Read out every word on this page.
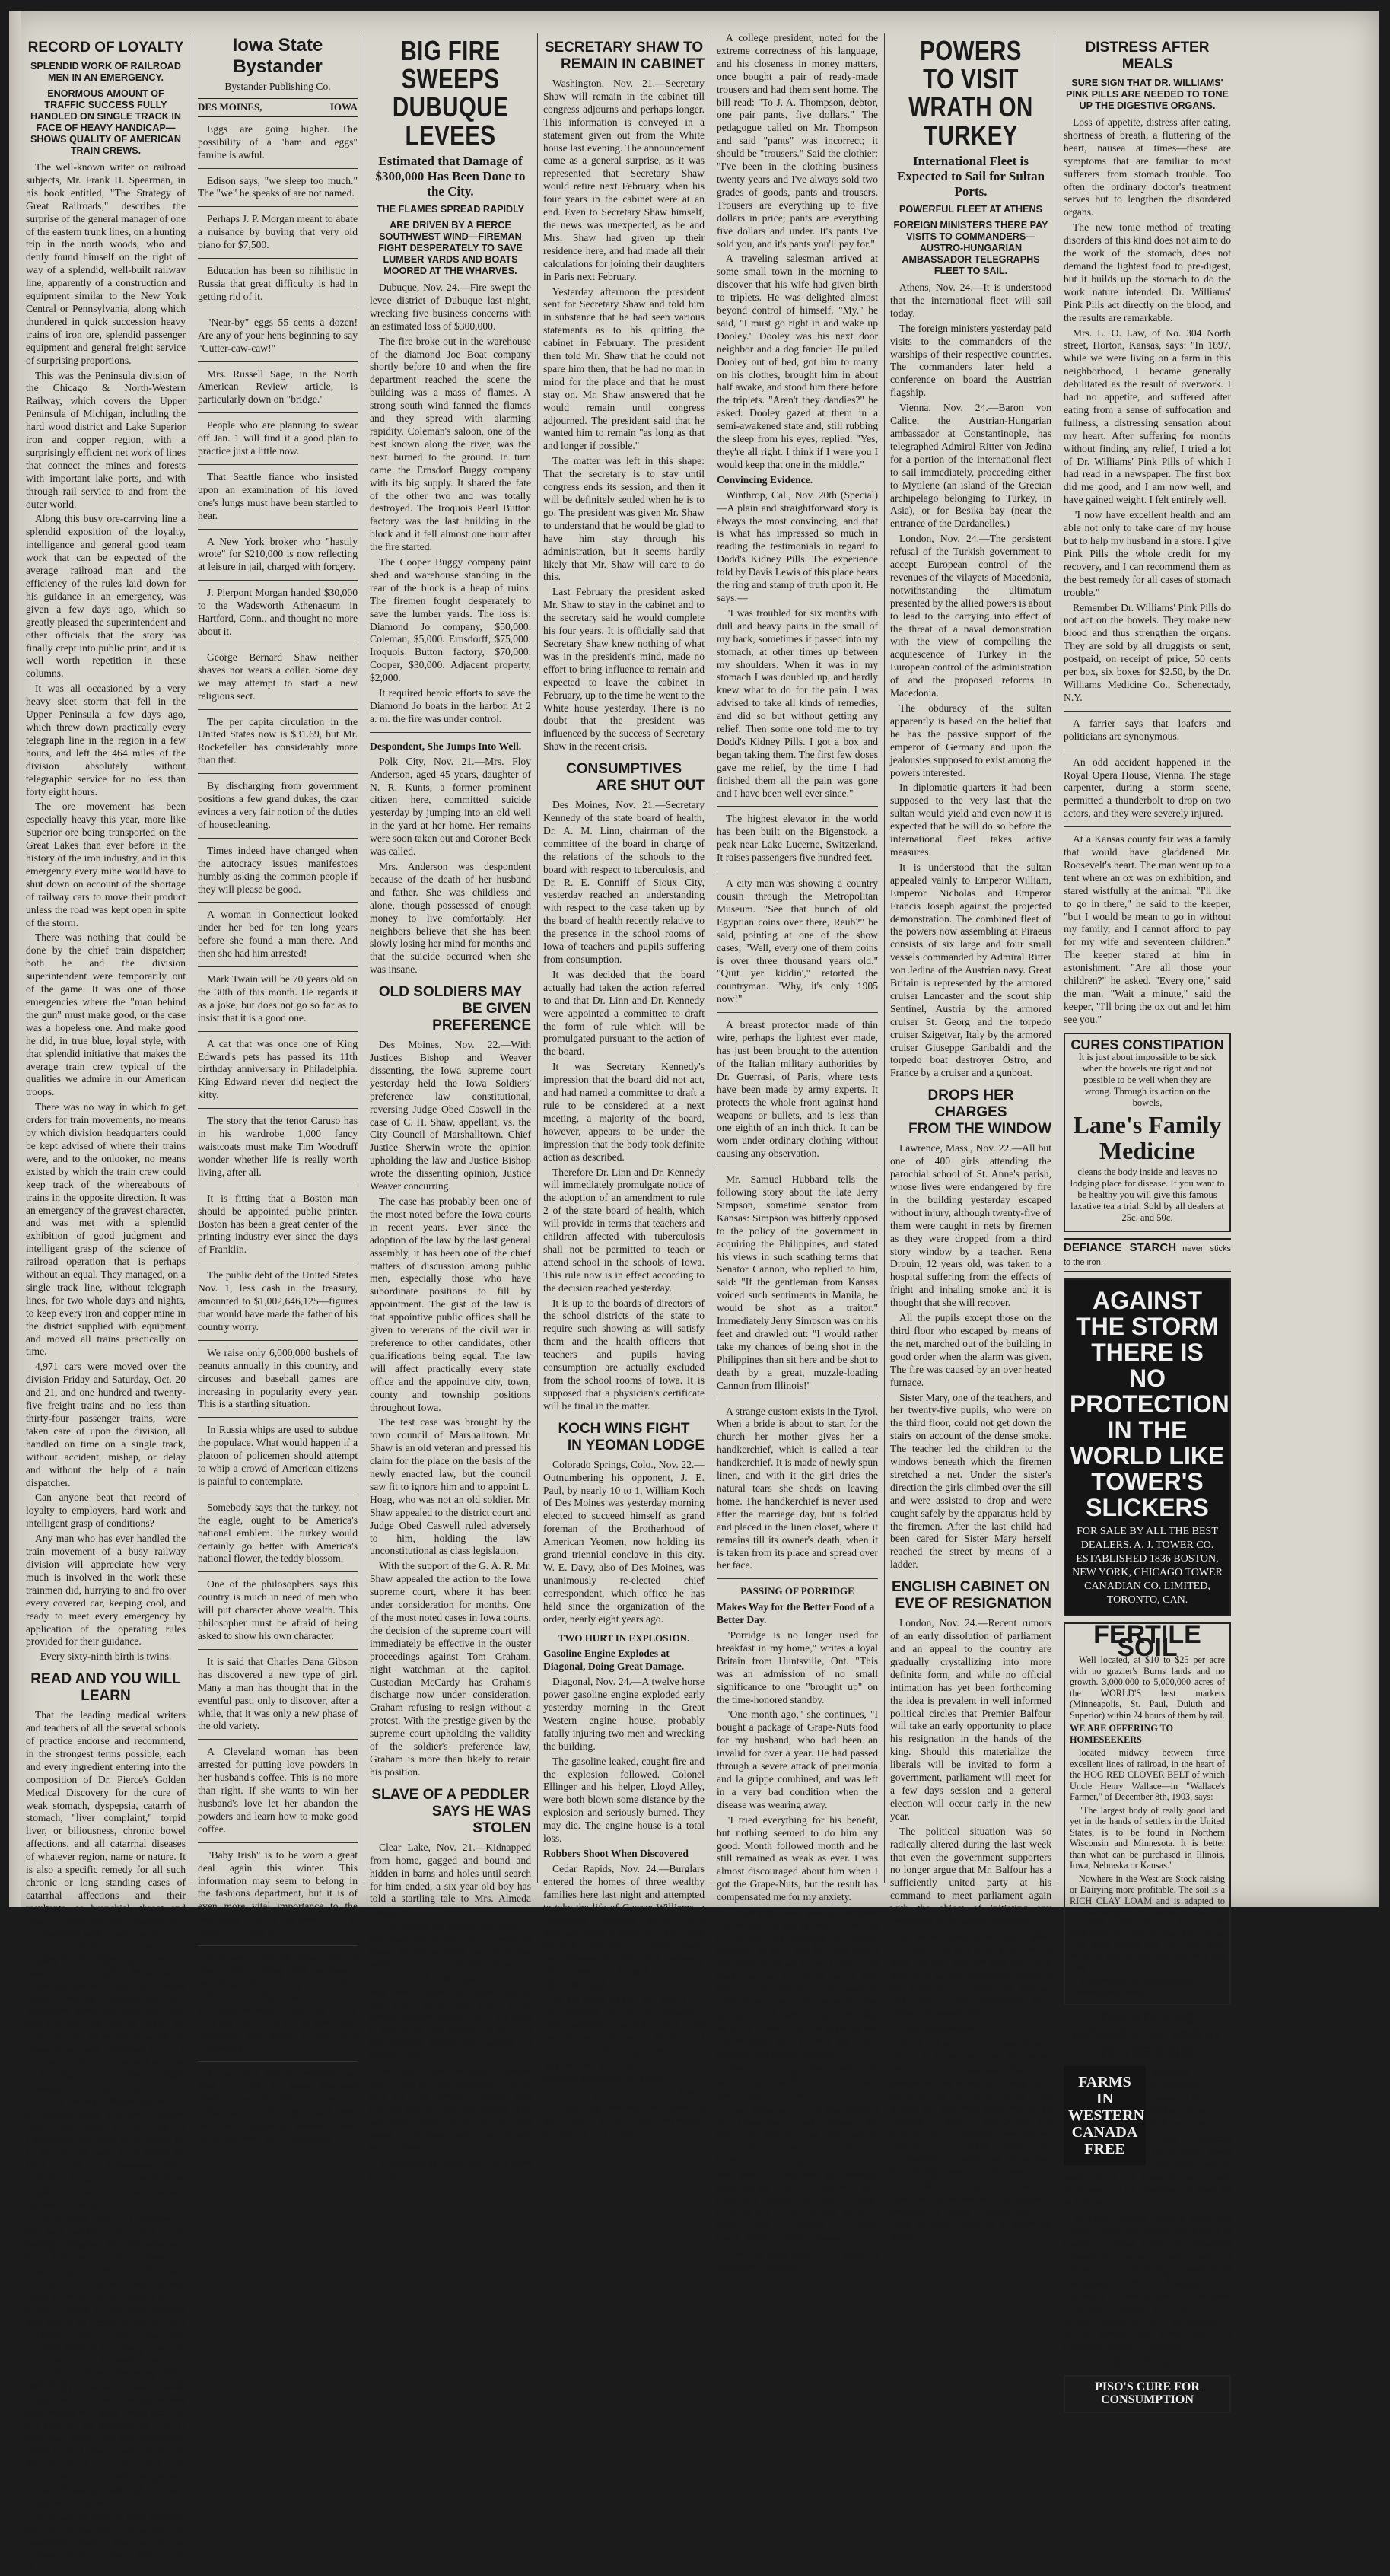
RECORD OF LOYALTY
SPLENDID WORK OF RAILROAD MEN IN AN EMERGENCY.
ENORMOUS AMOUNT OF TRAFFIC SUCCESS FULLY HANDLED ON SINGLE TRACK IN FACE OF HEAVY HANDICAP—SHOWS QUALITY OF AMERICAN TRAIN CREWS.

The well-known writer on railroad subjects, Mr. Frank H. Spearman, in his book entitled, "The Strategy of Great Railroads," describes the surprise of the general manager of one of the eastern trunk lines, on a hunting trip in the north woods, who and denly found himself on the right of way of a splendid, well-built railway line, apparently of a construction and equipment similar to the New York Central or Pennsylvania, along which thundered in quick succession heavy trains of iron ore, splendid passenger equipment and general freight service of surprising proportions.

This was the Peninsula division of the Chicago & North-Western Railway, which covers the Upper Peninsula of Michigan, including the hard wood district and Lake Superior iron and copper region, with a surprisingly efficient net work of lines that connect the mines and forests with important lake ports, and with through rail service to and from the outer world.

Along this busy ore-carrying line a splendid exposition of the loyalty, intelligence and general good team work that can be expected of the average railroad man and the efficiency of the rules laid down for his guidance in an emergency, was given a few days ago, which so greatly pleased the superintendent and other officials that the story has finally crept into public print, and it is well worth repetition in these columns.

It was all occasioned by a very heavy sleet storm that fell in the Upper Peninsula a few days ago, which threw down practically every telegraph line in the region in a few hours, and left the 464 miles of the division absolutely without telegraphic service for no less than forty eight hours.

The ore movement has been especially heavy this year, more like Superior ore being transported on the Great Lakes than ever before in the history of the iron industry, and in this emergency every mine would have to shut down on account of the shortage of railway cars to move their product unless the road was kept open in spite of the storm.

There was nothing that could be done by the chief train dispatcher; both he and the division superintendent were temporarily out of the game. It was one of those emergencies where the "man behind the gun" must make good, or the case was a hopeless one. And make good he did, in true blue, loyal style, with that splendid initiative that makes the average train crew typical of the qualities we admire in our American troops.

There was no way in which to get orders for train movements, no means by which division headquarters could be kept advised of where their trains were, and to the onlooker, no means existed by which the train crew could keep track of the whereabouts of trains in the opposite direction. It was an emergency of the gravest character, and was met with a splendid exhibition of good judgment and intelligent grasp of the science of railroad operation that is perhaps without an equal. They managed, on a single track line, without telegraph lines, for two whole days and nights, to keep every iron and copper mine in the district supplied with equipment and moved all trains practically on time.

4,971 cars were moved over the division Friday and Saturday, Oct. 20 and 21, and one hundred and twenty-five freight trains and no less than thirty-four passenger trains, were taken care of upon the division, all handled on time on a single track, without accident, mishap, or delay and without the help of a train dispatcher.

Can anyone beat that record of loyalty to employers, hard work and intelligent grasp of conditions?

Any man who has ever handled the train movement of a busy railway division will appreciate how very much is involved in the work these trainmen did, hurrying to and fro over every covered car, keeping cool, and ready to meet every emergency by application of the operating rules provided for their guidance.

Every sixty-ninth birth is twins.

READ AND YOU WILL LEARN

That the leading medical writers and teachers of all the several schools of practice endorse and recommend, in the strongest terms possible, each and every ingredient entering into the composition of Dr. Pierce's Golden Medical Discovery for the cure of weak stomach, dyspepsia, catarrh of stomach, "liver complaint," torpid liver, or biliousness, chronic bowel affections, and all catarrhal diseases of whatever region, name or nature. It is also a specific remedy for all such chronic or long standing cases of catarrhal affections and their resultants, as bronchial, throat and lung diseases (except consumption) accompanied with severe coughs. It is not so good for acute colds and coughs, but for lingering, or chronic cases it is especially efficacious in producing perfect cures. It contains Black Cherrybark, Golden Seal root, Bloodroot, Stone root, Mandrake root and Queen's root—all of which are highly praised as remedies for all the above mentioned affections by such eminent medical writers and teachers as Prof. Bartholow, of Jefferson Med. College; Prof. Hare, of the Univ. of Pa.; Prof. Finley Ellingwood, M. D., of Bennett Med. College, Chicago; Prof. John King, M. D., late of Cincinnati; Prof. John M. Scudder, M. D., late of Cincinnati; Prof. Edwin M. Hale, M. D., of Hahnemann Med. College, Chicago, and scores of others equally eminent in their several schools of practice.

The "Golden Medical Discovery" is the only medicine put up for sale through druggists for like purposes, that has any such professional endorsement—worth more than any number of ordinary testimonials. Open publicity of its formula on the bottle wrapper is the best possible guaranty of its merits. A glance at this published formula will show that "Golden Medical Discovery" contains no poisonous or harmful agents and no alcohol—chemically pure, triple-refined glycerine being used instead. Glycerine is entirely unobjectionable and besides is a most useful agent in the cure of all stomach as well as bronchial, throat and lung affections. There is the highest medical authority for its use in all such cases. The "Discovery" is a concentrated glyceric extract of native, medicinal roots and is safe and reliable.

A booklet of extracts from eminent, medical authorities, endorsing its ingredients mailed free on request. Address Dr. R. V. Pierce, Buffalo, N. Y.

Iowa State Bystander
Bystander Publishing Co.
DES MOINES,	IOWA

Eggs are going higher. The possibility of a "ham and eggs" famine is awful.

Edison says, "we sleep too much." The "we" he speaks of are not named.

Perhaps J. P. Morgan meant to abate a nuisance by buying that very old piano for $7,500.

Education has been so nihilistic in Russia that great difficulty is had in getting rid of it.

"Near-by" eggs 55 cents a dozen! Are any of your hens beginning to say "Cutter-caw-caw!"

Mrs. Russell Sage, in the North American Review article, is particularly down on "bridge."

People who are planning to swear off Jan. 1 will find it a good plan to practice just a little now.

That Seattle fiance who insisted upon an examination of his loved one's lungs must have been startled to hear.

A New York broker who "hastily wrote" for $210,000 is now reflecting at leisure in jail, charged with forgery.

J. Pierpont Morgan handed $30,000 to the Wadsworth Athenaeum in Hartford, Conn., and thought no more about it.

George Bernard Shaw neither shaves nor wears a collar. Some day we may attempt to start a new religious sect.

The per capita circulation in the United States now is $31.69, but Mr. Rockefeller has considerably more than that.

By discharging from government positions a few grand dukes, the czar evinces a very fair notion of the duties of housecleaning.

Times indeed have changed when the autocracy issues manifestoes humbly asking the common people if they will please be good.

A woman in Connecticut looked under her bed for ten long years before she found a man there. And then she had him arrested!

Mark Twain will be 70 years old on the 30th of this month. He regards it as a joke, but does not go so far as to insist that it is a good one.

A cat that was once one of King Edward's pets has passed its 11th birthday anniversary in Philadelphia. King Edward never did neglect the kitty.

The story that the tenor Caruso has in his wardrobe 1,000 fancy waistcoats must make Tim Woodruff wonder whether life is really worth living, after all.

It is fitting that a Boston man should be appointed public printer. Boston has been a great center of the printing industry ever since the days of Franklin.

The public debt of the United States Nov. 1, less cash in the treasury, amounted to $1,002,646,125—figures that would have made the father of his country worry.

We raise only 6,000,000 bushels of peanuts annually in this country, and circuses and baseball games are increasing in popularity every year. This is a startling situation.

In Russia whips are used to subdue the populace. What would happen if a platoon of policemen should attempt to whip a crowd of American citizens is painful to contemplate.

Somebody says that the turkey, not the eagle, ought to be America's national emblem. The turkey would certainly go better with America's national flower, the teddy blossom.

One of the philosophers says this country is much in need of men who will put character above wealth. This philosopher must be afraid of being asked to show his own character.

It is said that Charles Dana Gibson has discovered a new type of girl. Many a man has thought that in the eventful past, only to discover, after a while, that it was only a new phase of the old variety.

A Cleveland woman has been arrested for putting love powders in her husband's coffee. This is no more than right. If she wants to win her husband's love let her abandon the powders and learn how to make good coffee.

"Baby Irish" is to be worn a great deal again this winter. This information may seem to belong in the fashions department, but it is of even more vital importance to the purveyors than to the wearers. It is beautiful, costly stuff.

It is semi officially announced in Spain that nothing will be known regarding the marriage of King Alfonso until the king comes back from his journey to Vienna and Berlin. It is not likely that any of the lovely candidates will marry anybody else meanwhile.

Actors in a western company are now required to wear fireproof whiskers because their place are too inflammatory. When the smell drifts over the footlights the audience wants to fire the proof of the cigarettes.

BIG FIRE SWEEPS DUBUQUE LEVEES
Estimated that Damage of $300,000 Has Been Done to the City.
THE FLAMES SPREAD RAPIDLY
ARE DRIVEN BY A FIERCE SOUTHWEST WIND—FIREMAN FIGHT DESPERATELY TO SAVE LUMBER YARDS AND BOATS MOORED AT THE WHARVES.

Dubuque, Nov. 24.—Fire swept the levee district of Dubuque last night, wrecking five business concerns with an estimated loss of $300,000.

The fire broke out in the warehouse of the diamond Joe Boat company shortly before 10 and when the fire department reached the scene the building was a mass of flames. A strong south wind fanned the flames and they spread with alarming rapidity. Coleman's saloon, one of the best known along the river, was the next burned to the ground. In turn came the Ernsdorf Buggy company with its big supply. It shared the fate of the other two and was totally destroyed. The Iroquois Pearl Button factory was the last building in the block and it fell almost one hour after the fire started.

The Cooper Buggy company paint shed and warehouse standing in the rear of the block is a heap of ruins. The firemen fought desperately to save the lumber yards. The loss is: Diamond Jo company, $50,000. Coleman, $5,000. Ernsdorff, $75,000. Iroquois Button factory, $70,000. Cooper, $30,000. Adjacent property, $2,000.

It required heroic efforts to save the Diamond Jo boats in the harbor. At 2 a. m. the fire was under control.

Despondent, She Jumps Into Well.

Polk City, Nov. 21.—Mrs. Floy Anderson, aged 45 years, daughter of N. R. Kunts, a former prominent citizen here, committed suicide yesterday by jumping into an old well in the yard at her home. Her remains were soon taken out and Coroner Beck was called.

Mrs. Anderson was despondent because of the death of her husband and father. She was childless and alone, though possessed of enough money to live comfortably. Her neighbors believe that she has been slowly losing her mind for months and that the suicide occurred when she was insane.

OLD SOLDIERS MAY
BE GIVEN PREFERENCE

Des Moines, Nov. 22.—With Justices Bishop and Weaver dissenting, the Iowa supreme court yesterday held the Iowa Soldiers' preference law constitutional, reversing Judge Obed Caswell in the case of C. H. Shaw, appellant, vs. the City Council of Marshalltown. Chief Justice Sherwin wrote the opinion upholding the law and Justice Bishop wrote the dissenting opinion, Justice Weaver concurring.

The case has probably been one of the most noted before the Iowa courts in recent years. Ever since the adoption of the law by the last general assembly, it has been one of the chief matters of discussion among public men, especially those who have subordinate positions to fill by appointment. The gist of the law is that appointive public offices shall be given to veterans of the civil war in preference to other candidates, other qualifications being equal. The law will affect practically every state office and the appointive city, town, county and township positions throughout Iowa.

The test case was brought by the town council of Marshalltown. Mr. Shaw is an old veteran and pressed his claim for the place on the basis of the newly enacted law, but the council saw fit to ignore him and to appoint L. Hoag, who was not an old soldier. Mr. Shaw appealed to the district court and Judge Obed Caswell ruled adversely to him, holding the law unconstitutional as class legislation.

With the support of the G. A. R. Mr. Shaw appealed the action to the Iowa supreme court, where it has been under consideration for months. One of the most noted cases in Iowa courts, the decision of the supreme court will immediately be effective in the ouster proceedings against Tom Graham, night watchman at the capitol. Custodian McCardy has Graham's discharge now under consideration, Graham refusing to resign without a protest. With the prestige given by the supreme court upholding the validity of the soldier's preference law, Graham is more than likely to retain his position.

SLAVE OF A PEDDLER
SAYS HE WAS STOLEN

Clear Lake, Nov. 21.—Kidnapped from home, gagged and bound and hidden in barns and holes until search for him ended, a six year old boy has told a startling tale to Mrs. Almeda Hedges of this city.

The lad told the woman that three or four years ago he was enticed from his home at Cedar Falls by an Italian peddler, who coaxed him from his mother's yard with peanuts. When it was safe to give the Italian gagged him and carried him away. After several months, during which he lived in out of the way places, the lad says the peddler ended his journey at Mason City.

He claims that the peddler makes him follow the wagon selling the pins, that he was beaten, abused, half starved and his life threatened. The youngster cannot remember his right name or his home town, from which he was stolen.

Authorities at Cedar Falls have been notified.

SECRETARY SHAW TO
REMAIN IN CABINET

Washington, Nov. 21.—Secretary Shaw will remain in the cabinet till congress adjourns and perhaps longer. This information is conveyed in a statement given out from the White house last evening. The announcement came as a general surprise, as it was represented that Secretary Shaw would retire next February, when his four years in the cabinet were at an end. Even to Secretary Shaw himself, the news was unexpected, as he and Mrs. Shaw had given up their residence here, and had made all their calculations for joining their daughters in Paris next February.

Yesterday afternoon the president sent for Secretary Shaw and told him in substance that he had seen various statements as to his quitting the cabinet in February. The president then told Mr. Shaw that he could not spare him then, that he had no man in mind for the place and that he must stay on. Mr. Shaw answered that he would remain until congress adjourned. The president said that he wanted him to remain "as long as that and longer if possible."

The matter was left in this shape: That the secretary is to stay until congress ends its session, and then it will be definitely settled when he is to go. The president was given Mr. Shaw to understand that he would be glad to have him stay through his administration, but it seems hardly likely that Mr. Shaw will care to do this.

Last February the president asked Mr. Shaw to stay in the cabinet and to the secretary said he would complete his four years. It is officially said that Secretary Shaw knew nothing of what was in the president's mind, made no effort to bring influence to remain and expected to leave the cabinet in February, up to the time he went to the White house yesterday. There is no doubt that the president was influenced by the success of Secretary Shaw in the recent crisis.

CONSUMPTIVES
ARE SHUT OUT

Des Moines, Nov. 21.—Secretary Kennedy of the state board of health, Dr. A. M. Linn, chairman of the committee of the board in charge of the relations of the schools to the board with respect to tuberculosis, and Dr. R. E. Conniff of Sioux City, yesterday reached an understanding with respect to the case taken up by the board of health recently relative to the presence in the school rooms of Iowa of teachers and pupils suffering from consumption.

It was decided that the board actually had taken the action referred to and that Dr. Linn and Dr. Kennedy were appointed a committee to draft the form of rule which will be promulgated pursuant to the action of the board.

It was Secretary Kennedy's impression that the board did not act, and had named a committee to draft a rule to be considered at a next meeting, a majority of the board, however, appears to be under the impression that the body took definite action as described.

Therefore Dr. Linn and Dr. Kennedy will immediately promulgate notice of the adoption of an amendment to rule 2 of the state board of health, which will provide in terms that teachers and children affected with tuberculosis shall not be permitted to teach or attend school in the schools of Iowa. This rule now is in effect according to the decision reached yesterday.

It is up to the boards of directors of the school districts of the state to require such showing as will satisfy them and the health officers that teachers and pupils having consumption are actually excluded from the school rooms of Iowa. It is supposed that a physician's certificate will be final in the matter.

KOCH WINS FIGHT
IN YEOMAN LODGE

Colorado Springs, Colo., Nov. 22.—Outnumbering his opponent, J. E. Paul, by nearly 10 to 1, William Koch of Des Moines was yesterday morning elected to succeed himself as grand foreman of the Brotherhood of American Yeomen, now holding its grand triennial conclave in this city. W. E. Davy, also of Des Moines, was unanimously re-elected chief correspondent, which office he has held since the organization of the order, nearly eight years ago.

TWO HURT IN EXPLOSION.

Gasoline Engine Explodes at Diagonal, Doing Great Damage.

Diagonal, Nov. 24.—A twelve horse power gasoline engine exploded early yesterday morning in the Great Western engine house, probably fatally injuring two men and wrecking the building.

The gasoline leaked, caught fire and the explosion followed. Colonel Ellinger and his helper, Lloyd Alley, were both blown some distance by the explosion and seriously burned. They may die. The engine house is a total loss.

Robbers Shoot When Discovered

Cedar Rapids, Nov. 24.—Burglars entered the homes of three wealthy families here last night and attempted to take the life of George Williams, a prominent brewer's agent, who surprised them in their efforts to crack the safe containing the family jewels and silverware. The shot narrowly missed him and lodged in a picture above his head.

At the home of Mr. and Mrs. C. F. Van Vechten the burglars secured a very valuable sealskin cloak and several cheap articles. At the home of Mr. and Mrs. B. F. Heins they took a large amount of silverware.

Woman Murders an Iowan

Sioux City, Nov. 24.—W. F. Nolan of Sioux City was shot and killed on his ranch in Horse Creek, Wyoming, by Mrs. W. T. Thomas.

A college president, noted for the extreme correctness of his language, and his closeness in money matters, once bought a pair of ready-made trousers and had them sent home. The bill read: "To J. A. Thompson, debtor, one pair pants, five dollars." The pedagogue called on Mr. Thompson and said "pants" was incorrect; it should be "trousers." Said the clothier: "I've been in the clothing business twenty years and I've always sold two grades of goods, pants and trousers. Trousers are everything up to five dollars in price; pants are everything five dollars and under. It's pants I've sold you, and it's pants you'll pay for."

A traveling salesman arrived at some small town in the morning to discover that his wife had given birth to triplets. He was delighted almost beyond control of himself. "My," he said, "I must go right in and wake up Dooley." Dooley was his next door neighbor and a dog fancier. He pulled Dooley out of bed, got him to marry on his clothes, brought him in about half awake, and stood him there before the triplets. "Aren't they dandies?" he asked. Dooley gazed at them in a semi-awakened state and, still rubbing the sleep from his eyes, replied: "Yes, they're all right. I think if I were you I would keep that one in the middle."

Convincing Evidence.

Winthrop, Cal., Nov. 20th (Special)—A plain and straightforward story is always the most convincing, and that is what has impressed so much in reading the testimonials in regard to Dodd's Kidney Pills. The experience told by Davis Lewis of this place bears the ring and stamp of truth upon it. He says:—

"I was troubled for six months with dull and heavy pains in the small of my back, sometimes it passed into my stomach, at other times up between my shoulders. When it was in my stomach I was doubled up, and hardly knew what to do for the pain. I was advised to take all kinds of remedies, and did so but without getting any relief. Then some one told me to try Dodd's Kidney Pills. I got a box and began taking them. The first few doses gave me relief, by the time I had finished them all the pain was gone and I have been well ever since."

The highest elevator in the world has been built on the Bigenstock, a peak near Lake Lucerne, Switzerland. It raises passengers five hundred feet.

A city man was showing a country cousin through the Metropolitan Museum. "See that bunch of old Egyptian coins over there, Reub?" he said, pointing at one of the show cases; "Well, every one of them coins is over three thousand years old." "Quit yer kiddin'," retorted the countryman. "Why, it's only 1905 now!"

A breast protector made of thin wire, perhaps the lightest ever made, has just been brought to the attention of the Italian military authorities by Dr. Guerrasi, of Paris, where tests have been made by army experts. It protects the whole front against hand weapons or bullets, and is less than one eighth of an inch thick. It can be worn under ordinary clothing without causing any observation.

Mr. Samuel Hubbard tells the following story about the late Jerry Simpson, sometime senator from Kansas: Simpson was bitterly opposed to the policy of the government in acquiring the Philippines, and stated his views in such scathing terms that Senator Cannon, who replied to him, said: "If the gentleman from Kansas voiced such sentiments in Manila, he would be shot as a traitor." Immediately Jerry Simpson was on his feet and drawled out: "I would rather take my chances of being shot in the Philippines than sit here and be shot to death by a great, muzzle-loading Cannon from Illinois!"

A strange custom exists in the Tyrol. When a bride is about to start for the church her mother gives her a handkerchief, which is called a tear handkerchief. It is made of newly spun linen, and with it the girl dries the natural tears she sheds on leaving home. The handkerchief is never used after the marriage day, but is folded and placed in the linen closet, where it remains till its owner's death, when it is taken from its place and spread over her face.

PASSING OF PORRIDGE

Makes Way for the Better Food of a Better Day.

"Porridge is no longer used for breakfast in my home," writes a loyal Britain from Huntsville, Ont. "This was an admission of no small significance to one "brought up" on the time-honored standby.

"One month ago," she continues, "I bought a package of Grape-Nuts food for my husband, who had been an invalid for over a year. He had passed through a severe attack of pneumonia and la grippe combined, and was left in a very bad condition when the disease was wearing away.

"I tried everything for his benefit, but nothing seemed to do him any good. Month followed month and he still remained as weak as ever. I was almost discouraged about him when I got the Grape-Nuts, but the result has compensated me for my anxiety.

"In the one month that he has eaten Grape-Nuts he has gained 10 pounds in weight, his strength is rapidly returning to him, and he feels like a new man. Now we all eat Grape-Nuts food, and are the better for it. Our little 5 year old boy, who used to suffer from pains in the stomach after eating the old-fashioned porridge, has no more trouble since he began to use Grape-Nuts, and I have no more doctor's bills to pay for him.

"We use Grape-Nuts with only sweet cream, and find it the most tasty dish in our bill of fare.

"Last Monday I ate 4 teaspoonfuls of Grape-Nuts and cream for breakfast, nothing else, then set to work and got my morning's work done by 9 o'clock, and felt less tired, much less, than if I had used my ordinary breakfast on meat, potatoes, etc., as I used to. I wouldn't be without Grape-Nuts in the house for any money." Name given by Postum Co., Battle Creek, Mich. There's a reason.

Read the little book, "The Road to Wellville," in pkgs.

POWERS TO VISIT WRATH ON TURKEY
International Fleet is Expected to Sail for Sultan Ports.
POWERFUL FLEET AT ATHENS
FOREIGN MINISTERS THERE PAY VISITS TO COMMANDERS—AUSTRO-HUNGARIAN AMBASSADOR TELEGRAPHS FLEET TO SAIL.

Athens, Nov. 24.—It is understood that the international fleet will sail today.

The foreign ministers yesterday paid visits to the commanders of the warships of their respective countries. The commanders later held a conference on board the Austrian flagship.

Vienna, Nov. 24.—Baron von Calice, the Austrian-Hungarian ambassador at Constantinople, has telegraphed Admiral Ritter von Jedina for a portion of the international fleet to sail immediately, proceeding either to Mytilene (an island of the Grecian archipelago belonging to Turkey, in Asia), or for Besika bay (near the entrance of the Dardanelles.)

London, Nov. 24.—The persistent refusal of the Turkish government to accept European control of the revenues of the vilayets of Macedonia, notwithstanding the ultimatum presented by the allied powers is about to lead to the carrying into effect of the threat of a naval demonstration with the view of compelling the acquiescence of Turkey in the European control of the administration of and the proposed reforms in Macedonia.

The obduracy of the sultan apparently is based on the belief that he has the passive support of the emperor of Germany and upon the jealousies supposed to exist among the powers interested.

In diplomatic quarters it had been supposed to the very last that the sultan would yield and even now it is expected that he will do so before the international fleet takes active measures.

It is understood that the sultan appealed vainly to Emperor William, Emperor Nicholas and Emperor Francis Joseph against the projected demonstration. The combined fleet of the powers now assembling at Piraeus consists of six large and four small vessels commanded by Admiral Ritter von Jedina of the Austrian navy. Great Britain is represented by the armored cruiser Lancaster and the scout ship Sentinel, Austria by the armored cruiser St. Georg and the torpedo cruiser Szigetvar, Italy by the armored cruiser Giuseppe Garibaldi and the torpedo boat destroyer Ostro, and France by a cruiser and a gunboat.

DROPS HER CHARGES
FROM THE WINDOW

Lawrence, Mass., Nov. 22.—All but one of 400 girls attending the parochial school of St. Anne's parish, whose lives were endangered by fire in the building yesterday escaped without injury, although twenty-five of them were caught in nets by firemen as they were dropped from a third story window by a teacher. Rena Drouin, 12 years old, was taken to a hospital suffering from the effects of fright and inhaling smoke and it is thought that she will recover.

All the pupils except those on the third floor who escaped by means of the net, marched out of the building in good order when the alarm was given. The fire was caused by an over heated furnace.

Sister Mary, one of the teachers, and her twenty-five pupils, who were on the third floor, could not get down the stairs on account of the dense smoke. The teacher led the children to the windows beneath which the firemen stretched a net. Under the sister's direction the girls climbed over the sill and were assisted to drop and were caught safely by the apparatus held by the firemen. After the last child had been cared for Sister Mary herself reached the street by means of a ladder.

ENGLISH CABINET ON
EVE OF RESIGNATION

London, Nov. 24.—Recent rumors of an early dissolution of parliament and an appeal to the country are gradually crystallizing into more definite form, and while no official intimation has yet been forthcoming the idea is prevalent in well informed political circles that Premier Balfour will take an early opportunity to place his resignation in the hands of the king. Should this materialize the liberals will be invited to form a government, parliament will meet for a few days session and a general election will occur early in the new year.

The political situation was so radically altered during the last week that even the government supporters no longer argue that Mr. Balfour has a sufficiently united party at his command to meet parliament again with the object of initiating any legislation to the public advantage.

A cabinet meeting has been called for today. This will be only the second held this fall, and the fact that there have been so few conferences between the ministers is taken as another indication of the imminence of a change of government.

Ruin at Vladivostok

Tokio, Nov. 23.—An eye-witness who left Vladivostok on November 18, reports at Nagasaki that four besides all the stores are scanty there owing to the destruction of the store houses and that only sufficient barley remains to support the people for twenty days. Another eye-witness reports that, when they left Vladivostok on November 20, no port that rioting has ceased there. The streets there, he says, are a mass of debris and blood stains are in evidence everywhere. Many corpses are still lying exposed, forming a gruesome sight.

DISTRESS AFTER MEALS
SURE SIGN THAT DR. WILLIAMS' PINK PILLS ARE NEEDED TO TONE UP THE DIGESTIVE ORGANS.

Loss of appetite, distress after eating, shortness of breath, a fluttering of the heart, nausea at times—these are symptoms that are familiar to most sufferers from stomach trouble. Too often the ordinary doctor's treatment serves but to lengthen the disordered organs.

The new tonic method of treating disorders of this kind does not aim to do the work of the stomach, does not demand the lightest food to pre-digest, but it builds up the stomach to do the work nature intended. Dr. Williams' Pink Pills act directly on the blood, and the results are remarkable.

Mrs. L. O. Law, of No. 304 North street, Horton, Kansas, says: "In 1897, while we were living on a farm in this neighborhood, I became generally debilitated as the result of overwork. I had no appetite, and suffered after eating from a sense of suffocation and fullness, a distressing sensation about my heart. After suffering for months without finding any relief, I tried a lot of Dr. Williams' Pink Pills of which I had read in a newspaper. The first box did me good, and I am now well, and have gained weight. I felt entirely well.

"I now have excellent health and am able not only to take care of my house but to help my husband in a store. I give Pink Pills the whole credit for my recovery, and I can recommend them as the best remedy for all cases of stomach trouble."

Remember Dr. Williams' Pink Pills do not act on the bowels. They make new blood and thus strengthen the organs. They are sold by all druggists or sent, postpaid, on receipt of price, 50 cents per box, six boxes for $2.50, by the Dr. Williams Medicine Co., Schenectady, N.Y.

A farrier says that loafers and politicians are synonymous.

An odd accident happened in the Royal Opera House, Vienna. The stage carpenter, during a storm scene, permitted a thunderbolt to drop on two actors, and they were severely injured.

At a Kansas county fair was a family that would have gladdened Mr. Roosevelt's heart. The man went up to a tent where an ox was on exhibition, and stared wistfully at the animal. "I'll like to go in there," he said to the keeper, "but I would be mean to go in without my family, and I cannot afford to pay for my wife and seventeen children." The keeper stared at him in astonishment. "Are all those your children?" he asked. "Every one," said the man. "Wait a minute," said the keeper, "I'll bring the ox out and let him see you."

CURES CONSTIPATION

It is just about impossible to be sick when the bowels are right and not possible to be well when they are wrong. Through its action on the bowels,

Lane's Family Medicine

cleans the body inside and leaves no lodging place for disease. If you want to be healthy you will give this famous laxative tea a trial. Sold by all dealers at 25c. and 50c.

DEFIANCE STARCH never sticks to the iron.
AGAINST THE STORM THERE IS NO PROTECTION IN THE WORLD LIKE TOWER'S SLICKERS
FOR SALE BY ALL THE BEST DEALERS. A. J. TOWER CO. ESTABLISHED 1836 BOSTON, NEW YORK, CHICAGO TOWER CANADIAN CO. LIMITED, TORONTO, CAN.
FERTILE SOIL

Well located, at $10 to $25 per acre with no grazier's Burns lands and no growth. 3,000,000 to 5,000,000 acres of the WORLD'S best markets (Minneapolis, St. Paul, Duluth and Superior) within 24 hours of them by rail.

WE ARE OFFERING TO HOMESEEKERS

located midway between three excellent lines of railroad, in the heart of the HOG RED CLOVER BELT of which Uncle Henry Wallace—in "Wallace's Farmer," of December 8th, 1903, says:

"The largest body of really good land yet in the hands of settlers in the United States, is to be found in Northern Wisconsin and Minnesota. It is better than what can be purchased in Illinois, Iowa, Nebraska or Kansas."

Nowhere in the West are Stock raising or Dairying more profitable. The soil is a RICH CLAY LOAM and is adapted to the growing of immense crops of CLOVER, TIMOTHY and ALL TAME GRASSES. The size of these lands is the way YOU should buy your land now. Write us and we will tell you why and how.

L. A. Howard, 502 Oneida Blk., Minneapolis, Minn.

TWENTY-FIVE BUSHELS OF WHEAT TO THE ACRE
FARMS IN WESTERN CANADA FREE

Means a productive capacity in dollars of over $16 per acre.

The Canadian Government gives absolutely free to every settler 160 acres of land. Lands adjoining can be purchased at from $6 to $10 per acre.

Already 175,000 farmers from the United States have made their homes in Canadian wheat land. For pamphlet "Twentieth Century Canada" and all information apply to Superintendent of Immigration, Ottawa, Canada, or to following authorized Canadian Government Agent—E. T. Holmes, 315 Jackson Street, St. Paul, Minnesota, or W. V. Bennett, 801 New York Life Building, Omaha, Nebraska.

(Mention this paper.)

PISO'S CURE FOR CONSUMPTION
